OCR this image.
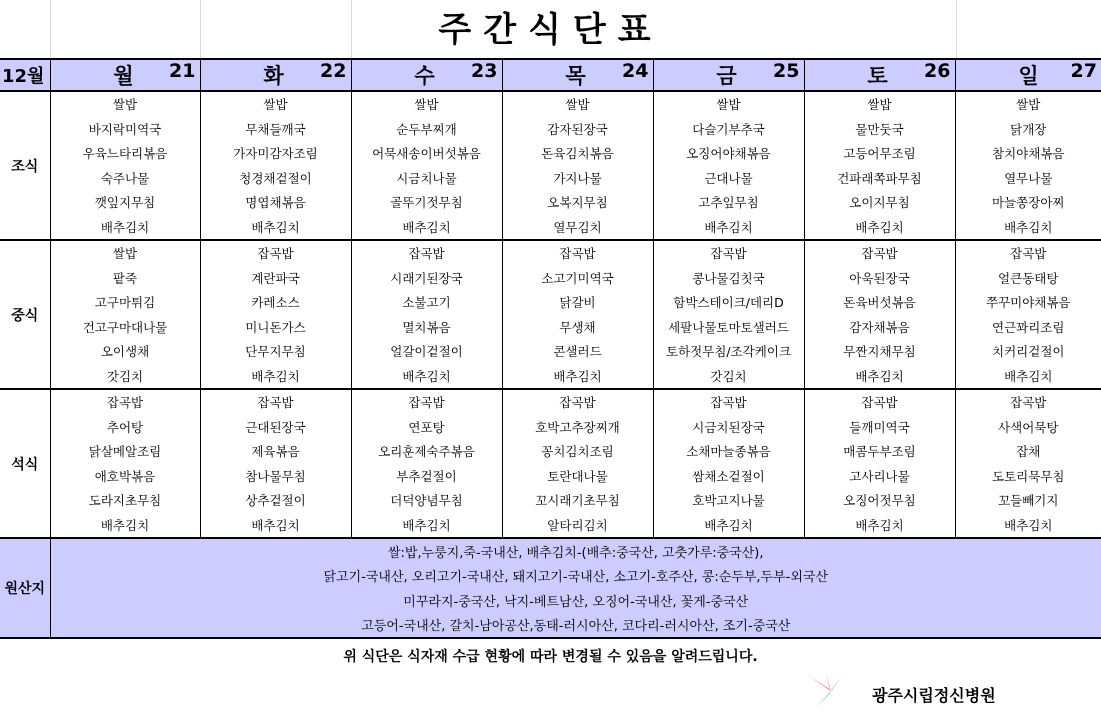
주간식단표
12월	월 21	화 22	수 23	목 24	금 25	토 26	일 27

조식	쌀밥	쌀밥	쌀밥	쌀밥	쌀밥	쌀밥	쌀밥
	바지락미역국	무채들깨국	순두부찌개	감자된장국	다슬기부추국	물만둣국	닭개장
	우육느타리볶음	가자미감자조림	어묵새송이버섯볶음	돈육김치볶음	오징어야채볶음	고등어무조림	참치야채볶음
	숙주나물	청경채겉절이	시금치나물	가지나물	근대나물	건파래쪽파무침	열무나물
	깻잎지무침	명엽채볶음	골뚜기젓무침	오복지무침	고추잎무침	오이지무침	마늘쫑장아찌
	배추김치	배추김치	배추김치	열무김치	배추김치	배추김치	배추김치
중식	쌀밥	잡곡밥	잡곡밥	잡곡밥	잡곡밥	잡곡밥	잡곡밥
	팥죽	계란파국	시래기된장국	소고기미역국	콩나물김칫국	아욱된장국	얼큰동태탕
	고구마튀김	카레소스	소불고기	닭갈비	함박스테이크/데리D	돈육버섯볶음	쭈꾸미야채볶음
	건고구마대나물	미니돈가스	멸치볶음	무생채	세팔나물토마토샐러드	감자채볶음	연근꽈리조림
	오이생채	단무지무침	얼갈이겉절이	콘샐러드	토하젓무침/조각케이크	무짠지채무침	치커리겉절이
	갓김치	배추김치	배추김치	배추김치	갓김치	배추김치	배추김치
석식	잡곡밥	잡곡밥	잡곡밥	잡곡밥	잡곡밥	잡곡밥	잡곡밥
	추어탕	근대된장국	연포탕	호박고추장찌개	시금치된장국	들깨미역국	사색어묵탕
	닭살메알조림	제육볶음	오리훈제숙주볶음	꽁치김치조림	소채마늘종볶음	매콤두부조림	잡채
	애호박볶음	참나물무침	부추겉절이	토란대나물	쌈채소겉절이	고사리나물	도토리묵무침
	도라지초무침	상추겉절이	더덕양념무침	꼬시래기초무침	호박고지나물	오징어젓무침	꼬들빼기지
	배추김치	배추김치	배추김치	알타리김치	배추김치	배추김치	배추김치
원산지	쌀:밥,누룽지,죽-국내산, 배추김치-(배추:중국산, 고춧가루:중국산),						
	닭고기-국내산, 오리고기-국내산, 돼지고기-국내산, 소고기-호주산, 콩:순두부,두부-외국산						
	미꾸라지-중국산, 낙지-베트남산, 오징어-국내산, 꽃게-중국산						
	고등어-국내산, 갈치-남아공산,동태-러시아산, 코다리-러시아산, 조기-중국산						
위 식단은 식자재 수급 현황에 따라 변경될 수 있음을 알려드립니다.							
광주시립정신병원
